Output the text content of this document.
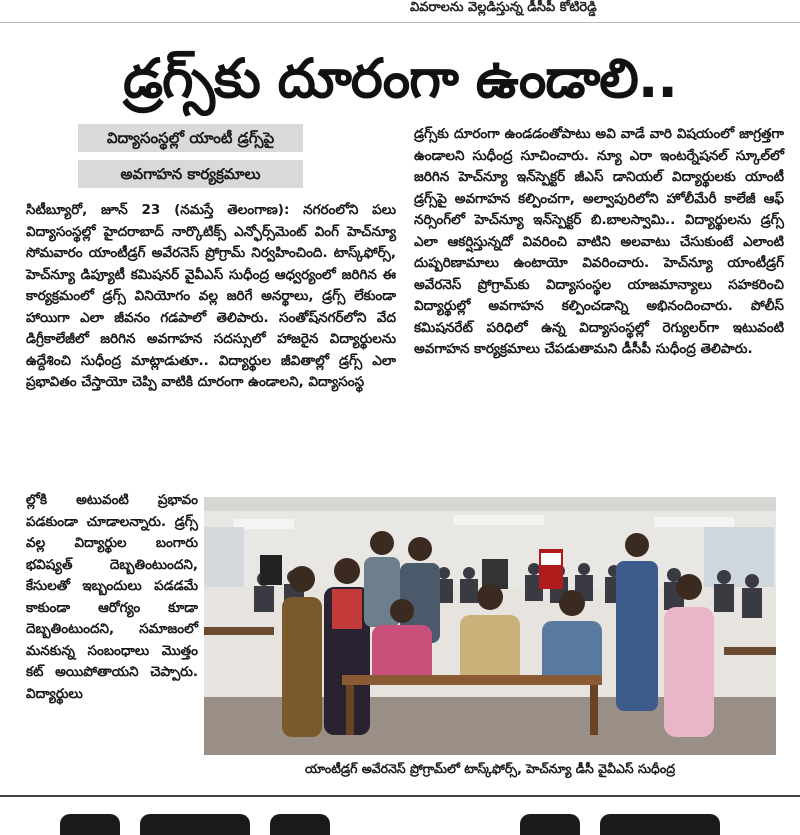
వివరాలను వెల్లడిస్తున్న డీసీపీ కోటిరెడ్డి
డ్రగ్స్‌కు దూరంగా ఉండాలి..
విద్యాసంస్థల్లో యాంటీ డ్రగ్స్‌పై
అవగాహన కార్యక్రమాలు

సిటీబ్యూరో, జూన్ 23 (నమస్తే తెలంగాణ): నగరంలోని పలు విద్యాసంస్థల్లో హైదరాబాద్ నార్కొటిక్స్ ఎన్ఫోర్స్‌మెంట్ వింగ్ హెచ్‌న్యూ సోమవారం యాంటీడ్రగ్ అవేరనెస్ ప్రోగ్రామ్ నిర్వహించింది. టాస్క్‌ఫోర్స్, హెచ్‌న్యూ డిప్యూటీ కమిషనర్ వైవీఎస్ సుధీంద్ర ఆధ్వర్యంలో జరిగిన ఈ కార్యక్రమంలో డ్రగ్స్ వినియోగం వల్ల జరిగే అనర్థాలు, డ్రగ్స్ లేకుండా హాయిగా ఎలా జీవనం గడపాలో తెలిపారు. సంతోష్‌నగర్‌లోని వేద డిగ్రీకాలేజీలో జరిగిన అవగాహన సదస్సులో హాజరైన విద్యార్థులను ఉద్దేశించి సుధీంద్ర మాట్లాడుతూ.. విద్యార్థుల జీవితాల్లో డ్రగ్స్ ఎలా ప్రభావితం చేస్తాయో చెప్పి వాటికి దూరంగా ఉండాలని, విద్యాసంస్థ

డ్రగ్స్‌కు దూరంగా ఉండడంతోపాటు అవి వాడే వారి విషయంలో జాగ్రత్తగా ఉండాలని సుధీంద్ర సూచించారు. న్యూ ఎరా ఇంటర్నేషనల్ స్కూల్‌లో జరిగిన హెచ్‌న్యూ ఇన్‌స్పెక్టర్ జీఎస్ డానియల్ విద్యార్థులకు యాంటీ డ్రగ్స్‌పై అవగాహన కల్పించగా, అల్వాపురిలోని హోలీమేరీ కాలేజీ ఆఫ్ నర్సింగ్‌లో హెచ్‌న్యూ ఇన్‌స్పెక్టర్ బి.బాలస్వామి.. విద్యార్థులను డ్రగ్స్ ఎలా ఆకర్షిస్తున్నదో వివరించి వాటిని అలవాటు చేసుకుంటే ఎలాంటి దుష్పరిణామాలు ఉంటాయో వివరించారు. హెచ్‌న్యూ యాంటీడ్రగ్ అవేరనెస్ ప్రోగ్రామ్‌కు విద్యాసంస్థల యాజమాన్యాలు సహకరించి విద్యార్థుల్లో అవగాహన కల్పించడాన్ని అభినందించారు. పోలీస్ కమిషనరేట్ పరిధిలో ఉన్న విద్యాసంస్థల్లో రెగ్యులర్‌గా ఇటువంటి అవగాహన కార్యక్రమాలు చేపడుతామని డీసీపీ సుధీంద్ర తెలిపారు.

ల్లోకి అటువంటి ప్రభావం పడకుండా చూడాలన్నారు. డ్రగ్స్ వల్ల విద్యార్థుల బంగారు భవిష్యత్ దెబ్బతింటుందని, కేసులతో ఇబ్బందులు పడడమే కాకుండా ఆరోగ్యం కూడా దెబ్బతింటుందని, సమాజంలో మనకున్న సంబంధాలు మొత్తం కట్ అయిపోతాయని చెప్పారు. విద్యార్థులు

యాంటీడ్రగ్ అవేరనెస్ ప్రోగ్రామ్‌లో టాస్క్‌ఫోర్స్, హెచ్‌న్యూ డీసీ వైవీఎస్ సుధీంద్ర
